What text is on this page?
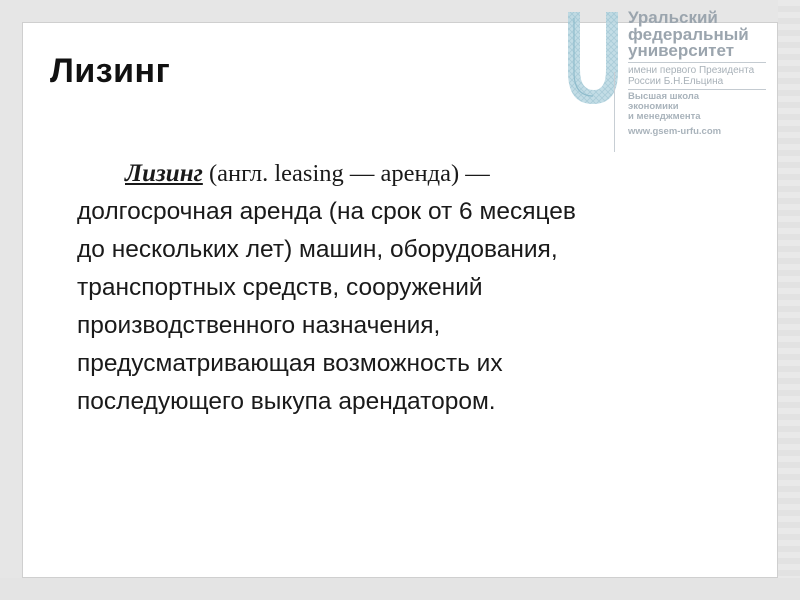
Уральский
федеральный
университет
имени первого Президента
России Б.Н.Ельцина
Высшая школа
экономики
и менеджмента
www.gsem-urfu.com
Лизинг
Лизинг (англ. leasing — аренда) —
долгосрочная аренда (на срок от 6 месяцев
до нескольких лет) машин, оборудования,
транспортных средств, сооружений
производственного назначения,
предусматривающая возможность их
последующего выкупа арендатором.
